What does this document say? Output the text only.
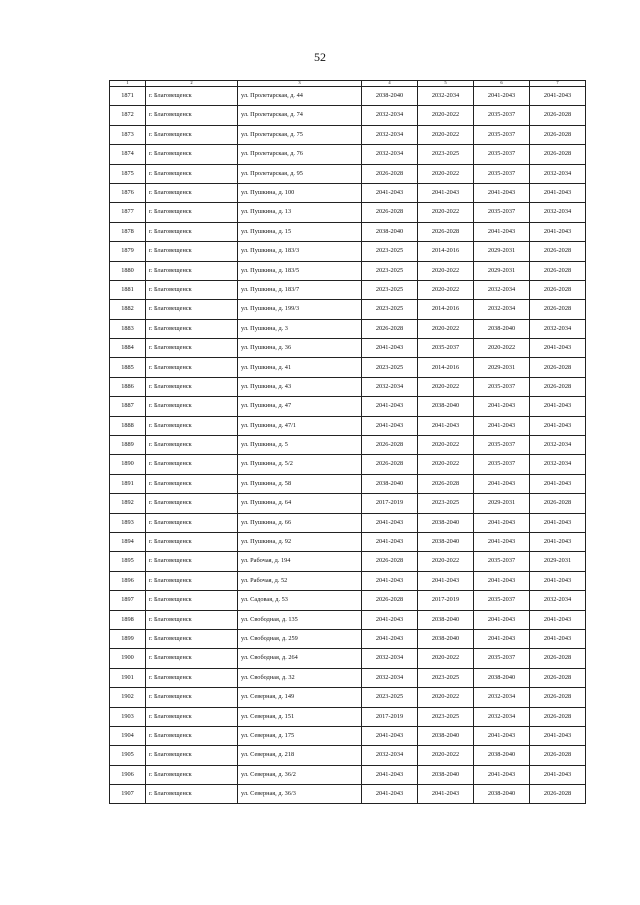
52
1	2	3	4	5	6	7
1871	г. Благовещенск	ул. Пролетарская, д. 44	2038-2040	2032-2034	2041-2043	2041-2043
1872	г. Благовещенск	ул. Пролетарская, д. 74	2032-2034	2020-2022	2035-2037	2026-2028
1873	г. Благовещенск	ул. Пролетарская, д. 75	2032-2034	2020-2022	2035-2037	2026-2028
1874	г. Благовещенск	ул. Пролетарская, д. 76	2032-2034	2023-2025	2035-2037	2026-2028
1875	г. Благовещенск	ул. Пролетарская, д. 95	2026-2028	2020-2022	2035-2037	2032-2034
1876	г. Благовещенск	ул. Пушкина, д. 100	2041-2043	2041-2043	2041-2043	2041-2043
1877	г. Благовещенск	ул. Пушкина, д. 13	2026-2028	2020-2022	2035-2037	2032-2034
1878	г. Благовещенск	ул. Пушкина, д. 15	2038-2040	2026-2028	2041-2043	2041-2043
1879	г. Благовещенск	ул. Пушкина, д. 183/3	2023-2025	2014-2016	2029-2031	2026-2028
1880	г. Благовещенск	ул. Пушкина, д. 183/5	2023-2025	2020-2022	2029-2031	2026-2028
1881	г. Благовещенск	ул. Пушкина, д. 183/7	2023-2025	2020-2022	2032-2034	2026-2028
1882	г. Благовещенск	ул. Пушкина, д. 199/3	2023-2025	2014-2016	2032-2034	2026-2028
1883	г. Благовещенск	ул. Пушкина, д. 3	2026-2028	2020-2022	2038-2040	2032-2034
1884	г. Благовещенск	ул. Пушкина, д. 36	2041-2043	2035-2037	2020-2022	2041-2043
1885	г. Благовещенск	ул. Пушкина, д. 41	2023-2025	2014-2016	2029-2031	2026-2028
1886	г. Благовещенск	ул. Пушкина, д. 43	2032-2034	2020-2022	2035-2037	2026-2028
1887	г. Благовещенск	ул. Пушкина, д. 47	2041-2043	2038-2040	2041-2043	2041-2043
1888	г. Благовещенск	ул. Пушкина, д. 47/1	2041-2043	2041-2043	2041-2043	2041-2043
1889	г. Благовещенск	ул. Пушкина, д. 5	2026-2028	2020-2022	2035-2037	2032-2034
1890	г. Благовещенск	ул. Пушкина, д. 5/2	2026-2028	2020-2022	2035-2037	2032-2034
1891	г. Благовещенск	ул. Пушкина, д. 58	2038-2040	2026-2028	2041-2043	2041-2043
1892	г. Благовещенск	ул. Пушкина, д. 64	2017-2019	2023-2025	2029-2031	2026-2028
1893	г. Благовещенск	ул. Пушкина, д. 66	2041-2043	2038-2040	2041-2043	2041-2043
1894	г. Благовещенск	ул. Пушкина, д. 92	2041-2043	2038-2040	2041-2043	2041-2043
1895	г. Благовещенск	ул. Рабочая, д. 194	2026-2028	2020-2022	2035-2037	2029-2031
1896	г. Благовещенск	ул. Рабочая, д. 52	2041-2043	2041-2043	2041-2043	2041-2043
1897	г. Благовещенск	ул. Садовая, д. 53	2026-2028	2017-2019	2035-2037	2032-2034
1898	г. Благовещенск	ул. Свободная, д. 135	2041-2043	2038-2040	2041-2043	2041-2043
1899	г. Благовещенск	ул. Свободная, д. 259	2041-2043	2038-2040	2041-2043	2041-2043
1900	г. Благовещенск	ул. Свободная, д. 264	2032-2034	2020-2022	2035-2037	2026-2028
1901	г. Благовещенск	ул. Свободная, д. 32	2032-2034	2023-2025	2038-2040	2026-2028
1902	г. Благовещенск	ул. Северная, д. 149	2023-2025	2020-2022	2032-2034	2026-2028
1903	г. Благовещенск	ул. Северная, д. 151	2017-2019	2023-2025	2032-2034	2026-2028
1904	г. Благовещенск	ул. Северная, д. 175	2041-2043	2038-2040	2041-2043	2041-2043
1905	г. Благовещенск	ул. Северная, д. 218	2032-2034	2020-2022	2038-2040	2026-2028
1906	г. Благовещенск	ул. Северная, д. 36/2	2041-2043	2038-2040	2041-2043	2041-2043
1907	г. Благовещенск	ул. Северная, д. 36/3	2041-2043	2041-2043	2038-2040	2026-2028
